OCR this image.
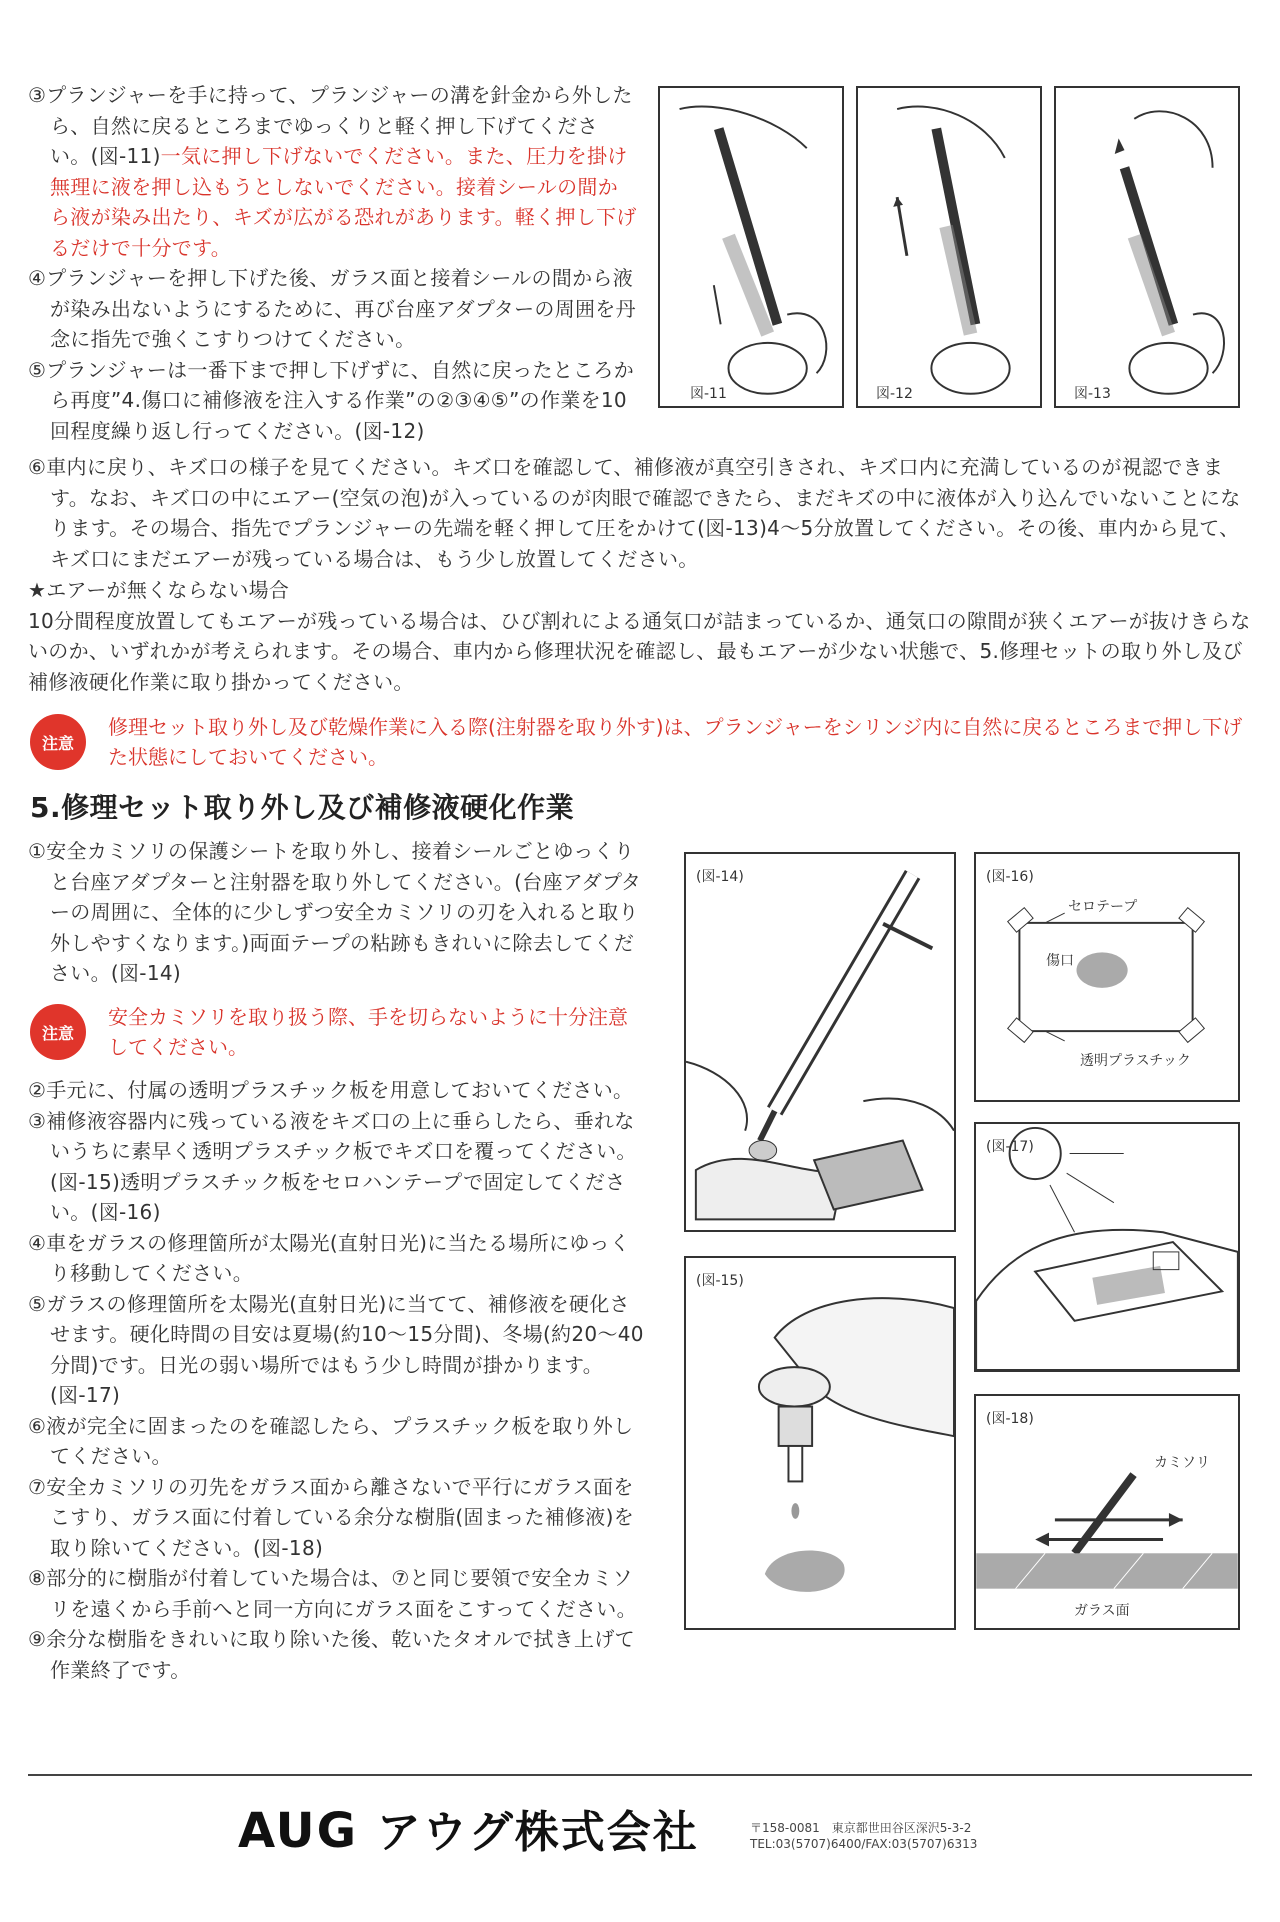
③プランジャーを手に持って、プランジャーの溝を針金から外したら、自然に戻るところまでゆっくりと軽く押し下げてください。(図-11)一気に押し下げないでください。また、圧力を掛け無理に液を押し込もうとしないでください。接着シールの間から液が染み出たり、キズが広がる恐れがあります。軽く押し下げるだけで十分です。

④プランジャーを押し下げた後、ガラス面と接着シールの間から液が染み出ないようにするために、再び台座アダプターの周囲を丹念に指先で強くこすりつけてください。

⑤プランジャーは一番下まで押し下げずに、自然に戻ったところから再度”4.傷口に補修液を注入する作業”の②③④⑤”の作業を10回程度繰り返し行ってください。(図-12)

図-11	図-12	図-13

⑥車内に戻り、キズ口の様子を見てください。キズ口を確認して、補修液が真空引きされ、キズ口内に充満しているのが視認できます。なお、キズ口の中にエアー(空気の泡)が入っているのが肉眼で確認できたら、まだキズの中に液体が入り込んでいないことになります。その場合、指先でプランジャーの先端を軽く押して圧をかけて(図-13)4～5分放置してください。その後、車内から見て、キズ口にまだエアーが残っている場合は、もう少し放置してください。

★エアーが無くならない場合

10分間程度放置してもエアーが残っている場合は、ひび割れによる通気口が詰まっているか、通気口の隙間が狭くエアーが抜けきらないのか、いずれかが考えられます。その場合、車内から修理状況を確認し、最もエアーが少ない状態で、5.修理セットの取り外し及び補修液硬化作業に取り掛かってください。

注意
修理セット取り外し及び乾燥作業に入る際(注射器を取り外す)は、プランジャーをシリンジ内に自然に戻るところまで押し下げた状態にしておいてください。
5.修理セット取り外し及び補修液硬化作業

①安全カミソリの保護シートを取り外し、接着シールごとゆっくりと台座アダプターと注射器を取り外してください。(台座アダプターの周囲に、全体的に少しずつ安全カミソリの刃を入れると取り外しやすくなります。)両面テープの粘跡もきれいに除去してください。(図-14)

注意
安全カミソリを取り扱う際、手を切らないように十分注意してください。

②手元に、付属の透明プラスチック板を用意しておいてください。

③補修液容器内に残っている液をキズ口の上に垂らしたら、垂れないうちに素早く透明プラスチック板でキズ口を覆ってください。(図-15)透明プラスチック板をセロハンテープで固定してください。(図-16)

④車をガラスの修理箇所が太陽光(直射日光)に当たる場所にゆっくり移動してください。

⑤ガラスの修理箇所を太陽光(直射日光)に当てて、補修液を硬化させます。硬化時間の目安は夏場(約10～15分間)、冬場(約20～40分間)です。日光の弱い場所ではもう少し時間が掛かります。(図-17)

⑥液が完全に固まったのを確認したら、プラスチック板を取り外してください。

⑦安全カミソリの刃先をガラス面から離さないで平行にガラス面をこすり、ガラス面に付着している余分な樹脂(固まった補修液)を取り除いてください。(図-18)

⑧部分的に樹脂が付着していた場合は、⑦と同じ要領で安全カミソリを遠くから手前へと同一方向にガラス面をこすってください。

⑨余分な樹脂をきれいに取り除いた後、乾いたタオルで拭き上げて作業終了です。

(図-14)	(図-16)
セロテープ
傷口
透明プラスチック
(図-17)
(図-15)
(図-18)
カミソリ
ガラス面
AUG アウグ株式会社	〒158-0081　東京都世田谷区深沢5-3-2
TEL:03(5707)6400/FAX:03(5707)6313
